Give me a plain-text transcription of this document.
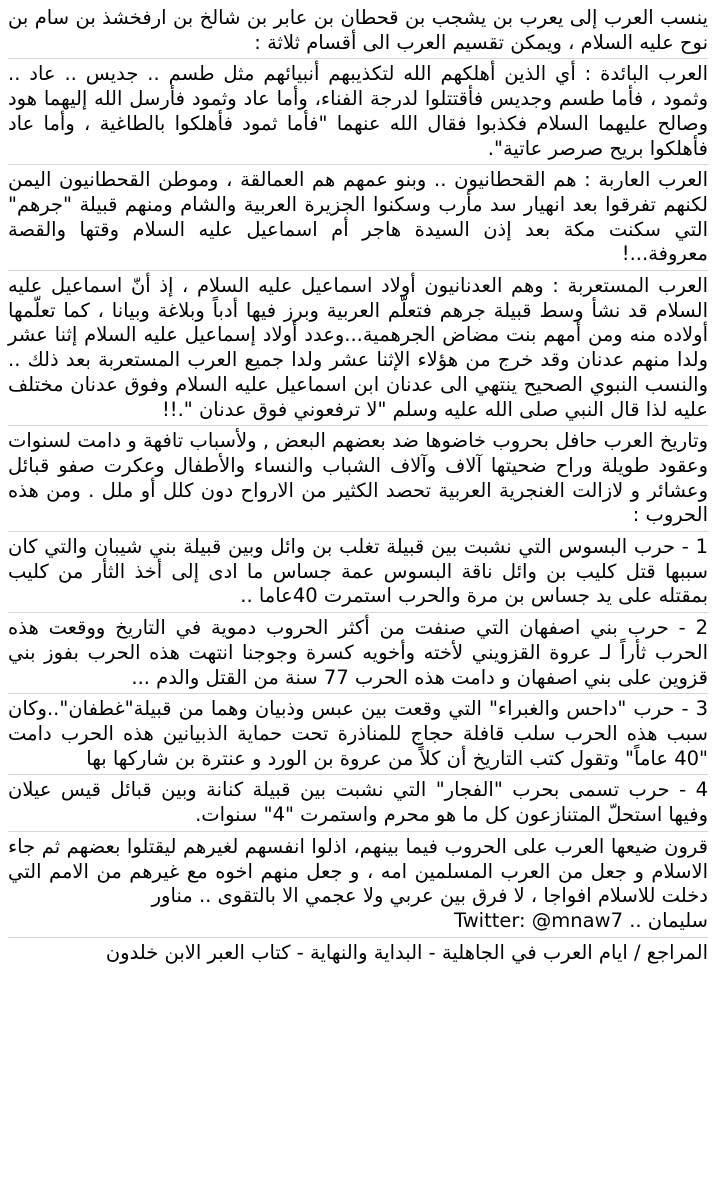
ينسب العرب إلى يعرب بن يشجب بن قحطان بن عابر بن شالخ بن ارفخشذ بن سام بن نوح عليه السلام ، ويمكن تقسيم العرب الى أقسام ثلاثة :

العرب البائدة : أي الذين أهلكهم الله لتكذيبهم أنبيائهم مثل طسم .. جديس .. عاد .. وثمود ، فأما طسم وجديس فأقتتلوا لدرجة الفناء، وأما عاد وثمود فأرسل الله إليهما هود وصالح عليهما السلام فكذبوا فقال الله عنهما "فأما ثمود فأهلكوا بالطاغية ، وأما عاد فأهلكوا بريح صرصر عاتية".

العرب العاربة : هم القحطانيون .. وبنو عمهم هم العمالقة ، وموطن القحطانيون اليمن لكنهم تفرقوا بعد انهيار سد مأرب وسكنوا الجزيرة العربية والشام ومنهم قبيلة "جرهم" التي سكنت مكة بعد إذن السيدة هاجر أم اسماعيل عليه السلام وقتها والقصة معروفة...!

العرب المستعربة : وهم العدنانيون أولاد اسماعيل عليه السلام ، إذ أنّ اسماعيل عليه السلام قد نشأ وسط قبيلة جرهم فتعلّم العربية وبرز فيها أدباً وبلاغة وبيانا ، كما تعلّمها أولاده منه ومن أمهم بنت مضاض الجرهمية...وعدد أولاد إسماعيل عليه السلام إثنا عشر ولدا منهم عدنان وقد خرج من هؤلاء الإثنا عشر ولدا جميع العرب المستعربة بعد ذلك .. والنسب النبوي الصحيح ينتهي الى عدنان ابن اسماعيل عليه السلام وفوق عدنان مختلف عليه لذا قال النبي صلى الله عليه وسلم "لا ترفعوني فوق عدنان ".!!

وتاريخ العرب حافل بحروب خاضوها ضد بعضهم البعض , ولأسباب تافهة و دامت لسنوات وعقود طويلة وراح ضحيتها آلاف وآلاف الشباب والنساء والأطفال وعكرت صفو قبائل وعشائر و لازالت الغنجرية العربية تحصد الكثير من الارواح دون كلل أو ملل . ومن هذه الحروب :

1 - حرب البسوس التي نشبت بين قبيلة تغلب بن وائل وبين قبيلة بني شيبان والتي كان سببها قتل كليب بن وائل ناقة البسوس عمة جساس ما ادى إلى أخذ الثأر من كليب بمقتله على يد جساس بن مرة والحرب استمرت 40عاما ..

2 - حرب بني اصفهان التي صنفت من أكثر الحروب دموية في التاريخ ووقعت هذه الحرب ثأراً لـ عروة القزويني لأخته وأخويه كسرة وجوجنا انتهت هذه الحرب بفوز بني قزوين على بني اصفهان و دامت هذه الحرب 77 سنة من القتل والدم ...

3 - حرب "داحس والغبراء" التي وقعت بين عبس وذبيان وهما من قبيلة"غطفان"..وكان سبب هذه الحرب سلب قافلة حجاج للمناذرة تحت حماية الذبيانين هذه الحرب دامت "40 عاماً" وتقول كتب التاريخ أن كلاً من عروة بن الورد و عنترة بن شاركها بها

4 - حرب تسمى بحرب "الفجار" التي نشبت بين قبيلة كنانة وبين قبائل قيس عيلان وفيها استحلّ المتنازعون كل ما هو محرم واستمرت "4" سنوات.

قرون ضيعها العرب على الحروب فيما بينهم، اذلوا انفسهم لغيرهم ليقتلوا بعضهم ثم جاء الاسلام و جعل من العرب المسلمين امه ، و جعل منهم اخوه مع غيرهم من الامم التي دخلت للاسلام افواجا ، لا فرق بين عربي ولا عجمي الا بالتقوى .. مناور

سليمان .. Twitter: @mnaw7

المراجع / ايام العرب في الجاهلية - البداية والنهاية - كتاب العبر الابن خلدون
